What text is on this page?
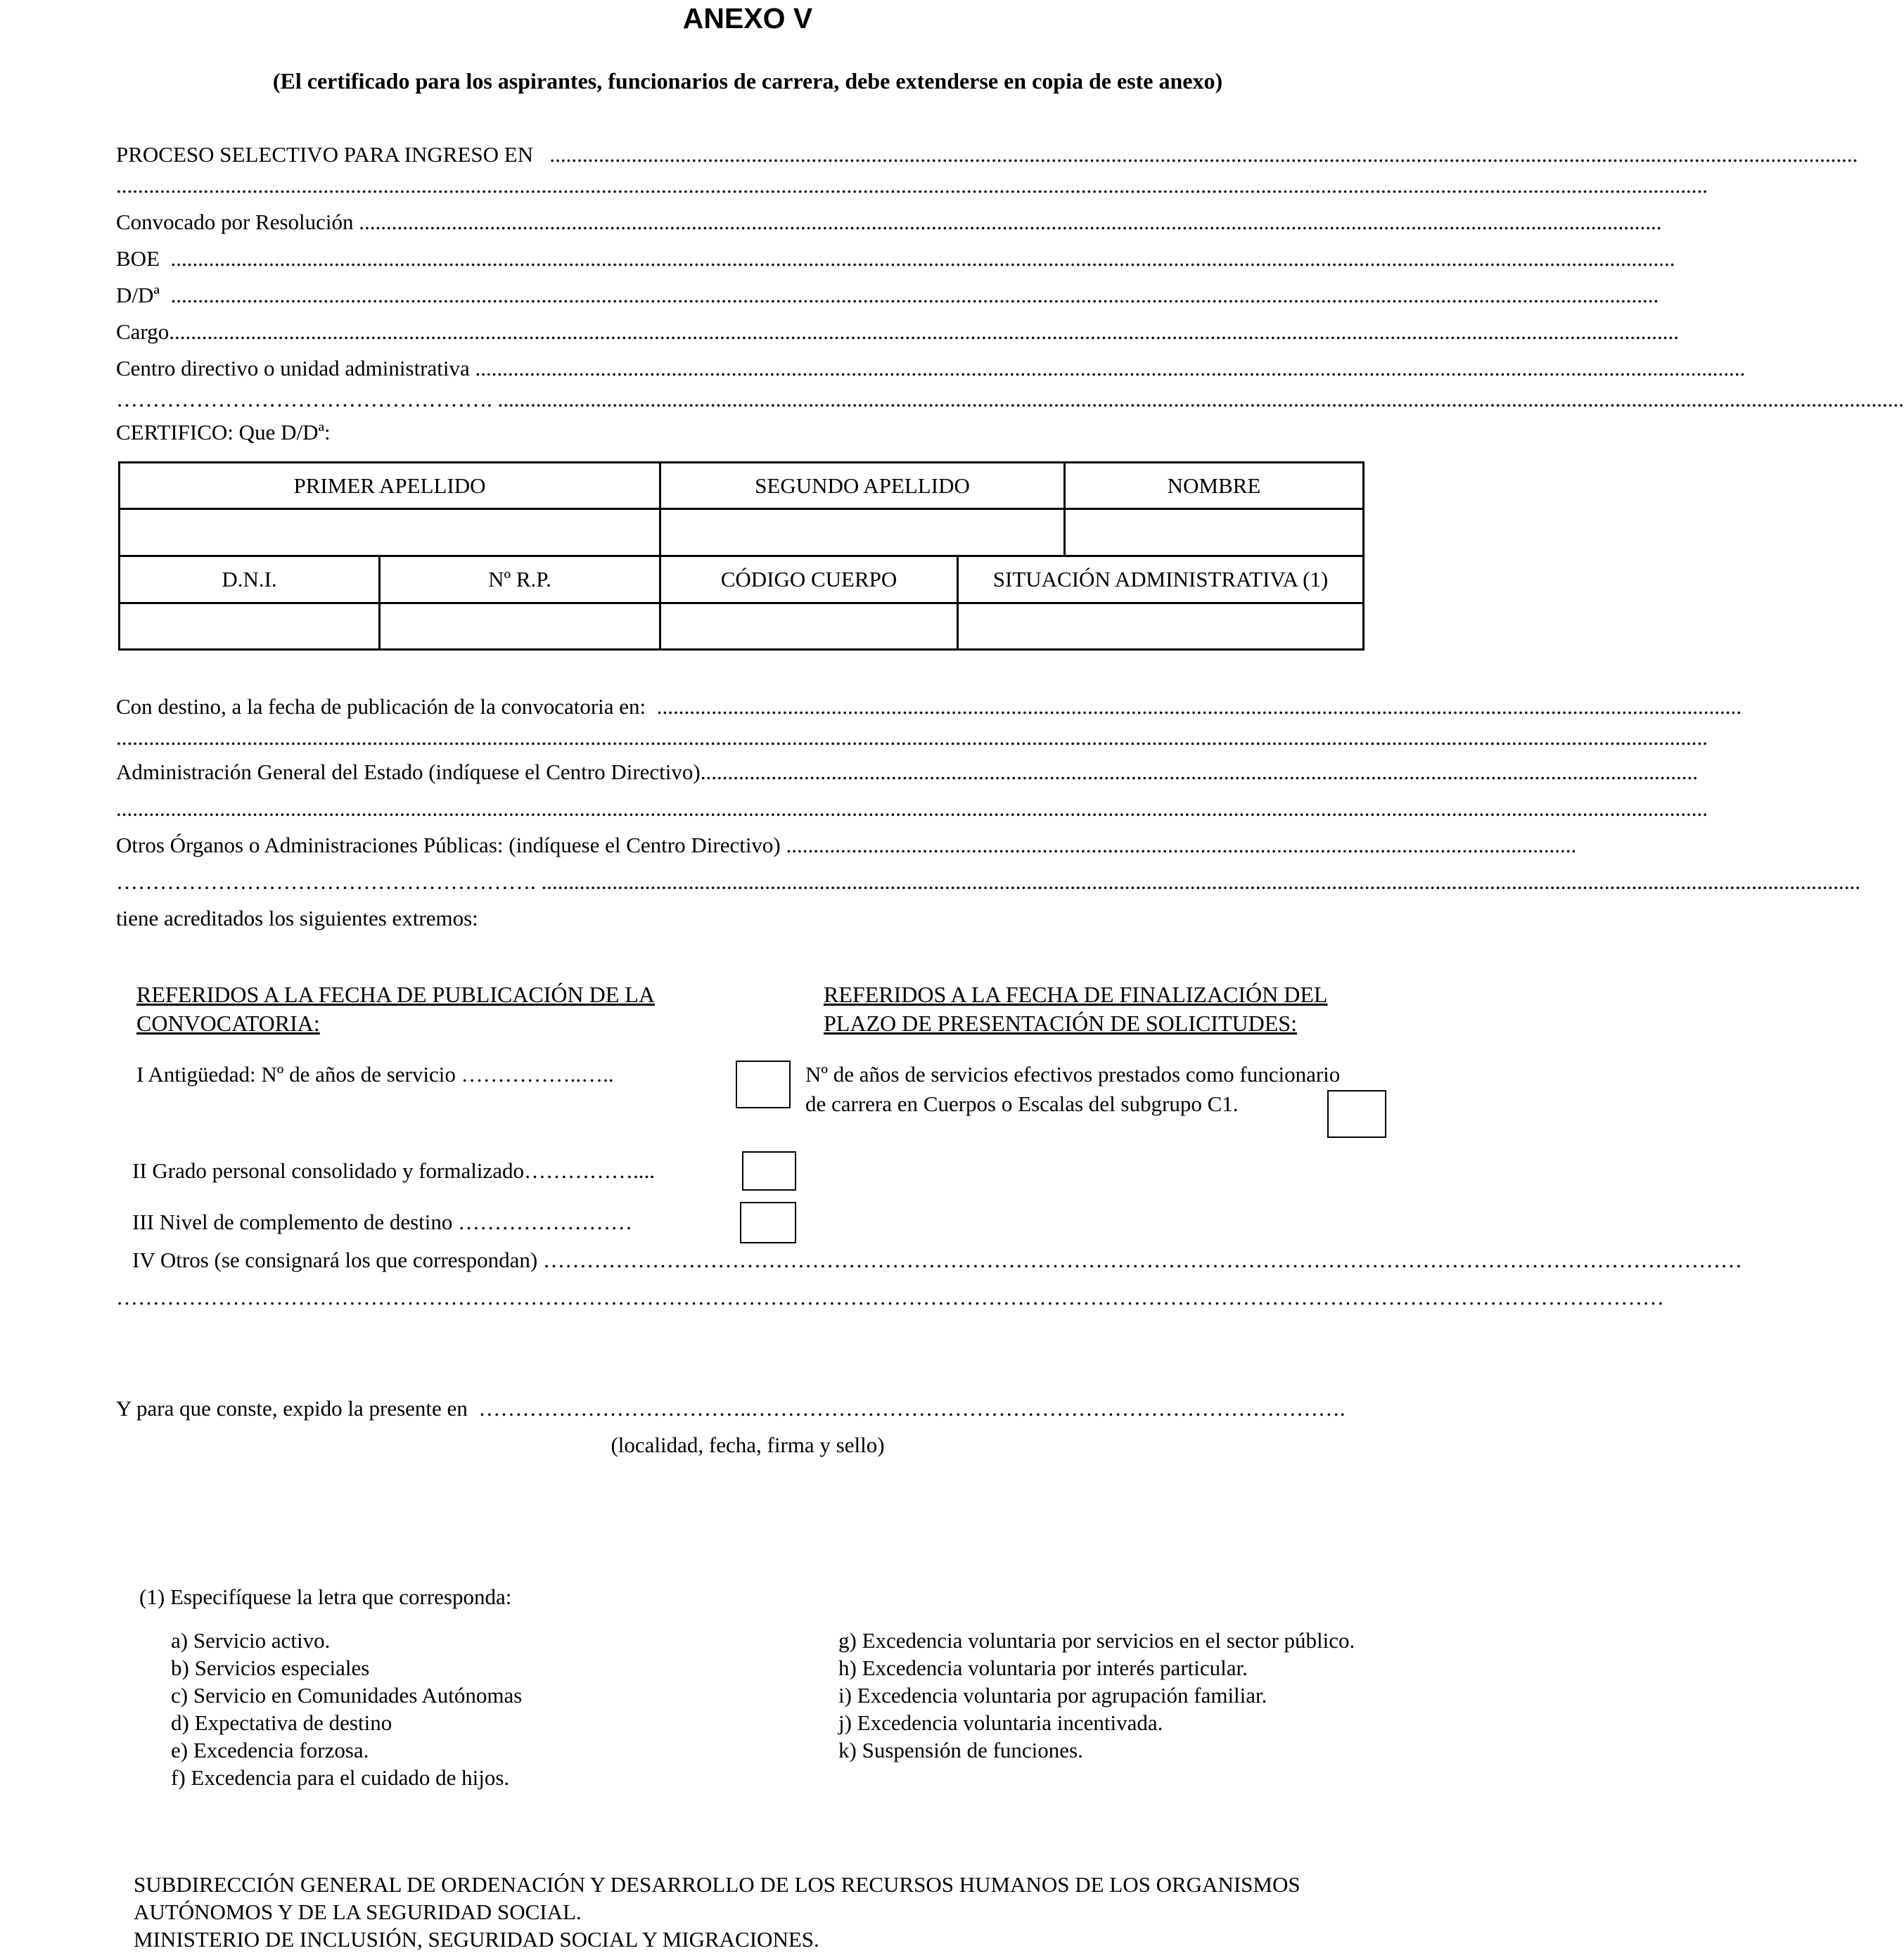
ANEXO V
(El certificado para los aspirantes, funcionarios de carrera, debe extenderse en copia de este anexo)
PROCESO SELECTIVO PARA INGRESO EN ................................................................................................................................................................................................................................................
....................................................................................................................................................................................................................................................................................................
Convocado por Resolución ...............................................................................................................................................................................................................................................
BOE ....................................................................................................................................................................................................................................................................................
D/Dª .................................................................................................................................................................................................................................................................................
Cargo.....................................................................................................................................................................................................................................................................................
Centro directivo o unidad administrativa .........................................................................................................................................................................................................................................
……………………………………………. ..................................................................................................................................................................................................................................................................
CERTIFICO: Que D/Dª:
PRIMER APELLIDO		SEGUNDO APELLIDO		NOMBRE

D.N.I.	Nº R.P.	CÓDIGO CUERPO	SITUACIÓN ADMINISTRATIVA (1)	

Con destino, a la fecha de publicación de la convocatoria en: .......................................................................................................................................................................................................
....................................................................................................................................................................................................................................................................................................
Administración General del Estado (indíquese el Centro Directivo).......................................................................................................................................................................................
....................................................................................................................................................................................................................................................................................................
Otros Órganos o Administraciones Públicas: (indíquese el Centro Directivo) .................................................................................................................................................
…………………………………………………. ..................................................................................................................................................................................................................................................
tiene acreditados los siguientes extremos:
REFERIDOS A LA FECHA DE PUBLICACIÓN DE LA
CONVOCATORIA:
REFERIDOS A LA FECHA DE FINALIZACIÓN DEL
PLAZO DE PRESENTACIÓN DE SOLICITUDES:
I Antigüedad: Nº de años de servicio ……………..…..	Nº de años de servicios efectivos prestados como funcionario
de carrera en Cuerpos o Escalas del subgrupo C1.
II Grado personal consolidado y formalizado……………....
III Nivel de complemento de destino ……………………
IV Otros (se consignará los que correspondan) …………………………………………………………………………………………………………………………………………………
……………………………………………………………………………………………………………………………………………………………………………………………
Y para que conste, expido la presente en ………………………………..……………………………………………………………………….
(localidad, fecha, firma y sello)
(1) Especifíquese la letra que corresponda:
a) Servicio activo.
b) Servicios especiales
c) Servicio en Comunidades Autónomas
d) Expectativa de destino
e) Excedencia forzosa.
f) Excedencia para el cuidado de hijos.
g) Excedencia voluntaria por servicios en el sector público.
h) Excedencia voluntaria por interés particular.
i) Excedencia voluntaria por agrupación familiar.
j) Excedencia voluntaria incentivada.
k) Suspensión de funciones.
SUBDIRECCIÓN GENERAL DE ORDENACIÓN Y DESARROLLO DE LOS RECURSOS HUMANOS DE LOS ORGANISMOS
AUTÓNOMOS Y DE LA SEGURIDAD SOCIAL.
MINISTERIO DE INCLUSIÓN, SEGURIDAD SOCIAL Y MIGRACIONES.
